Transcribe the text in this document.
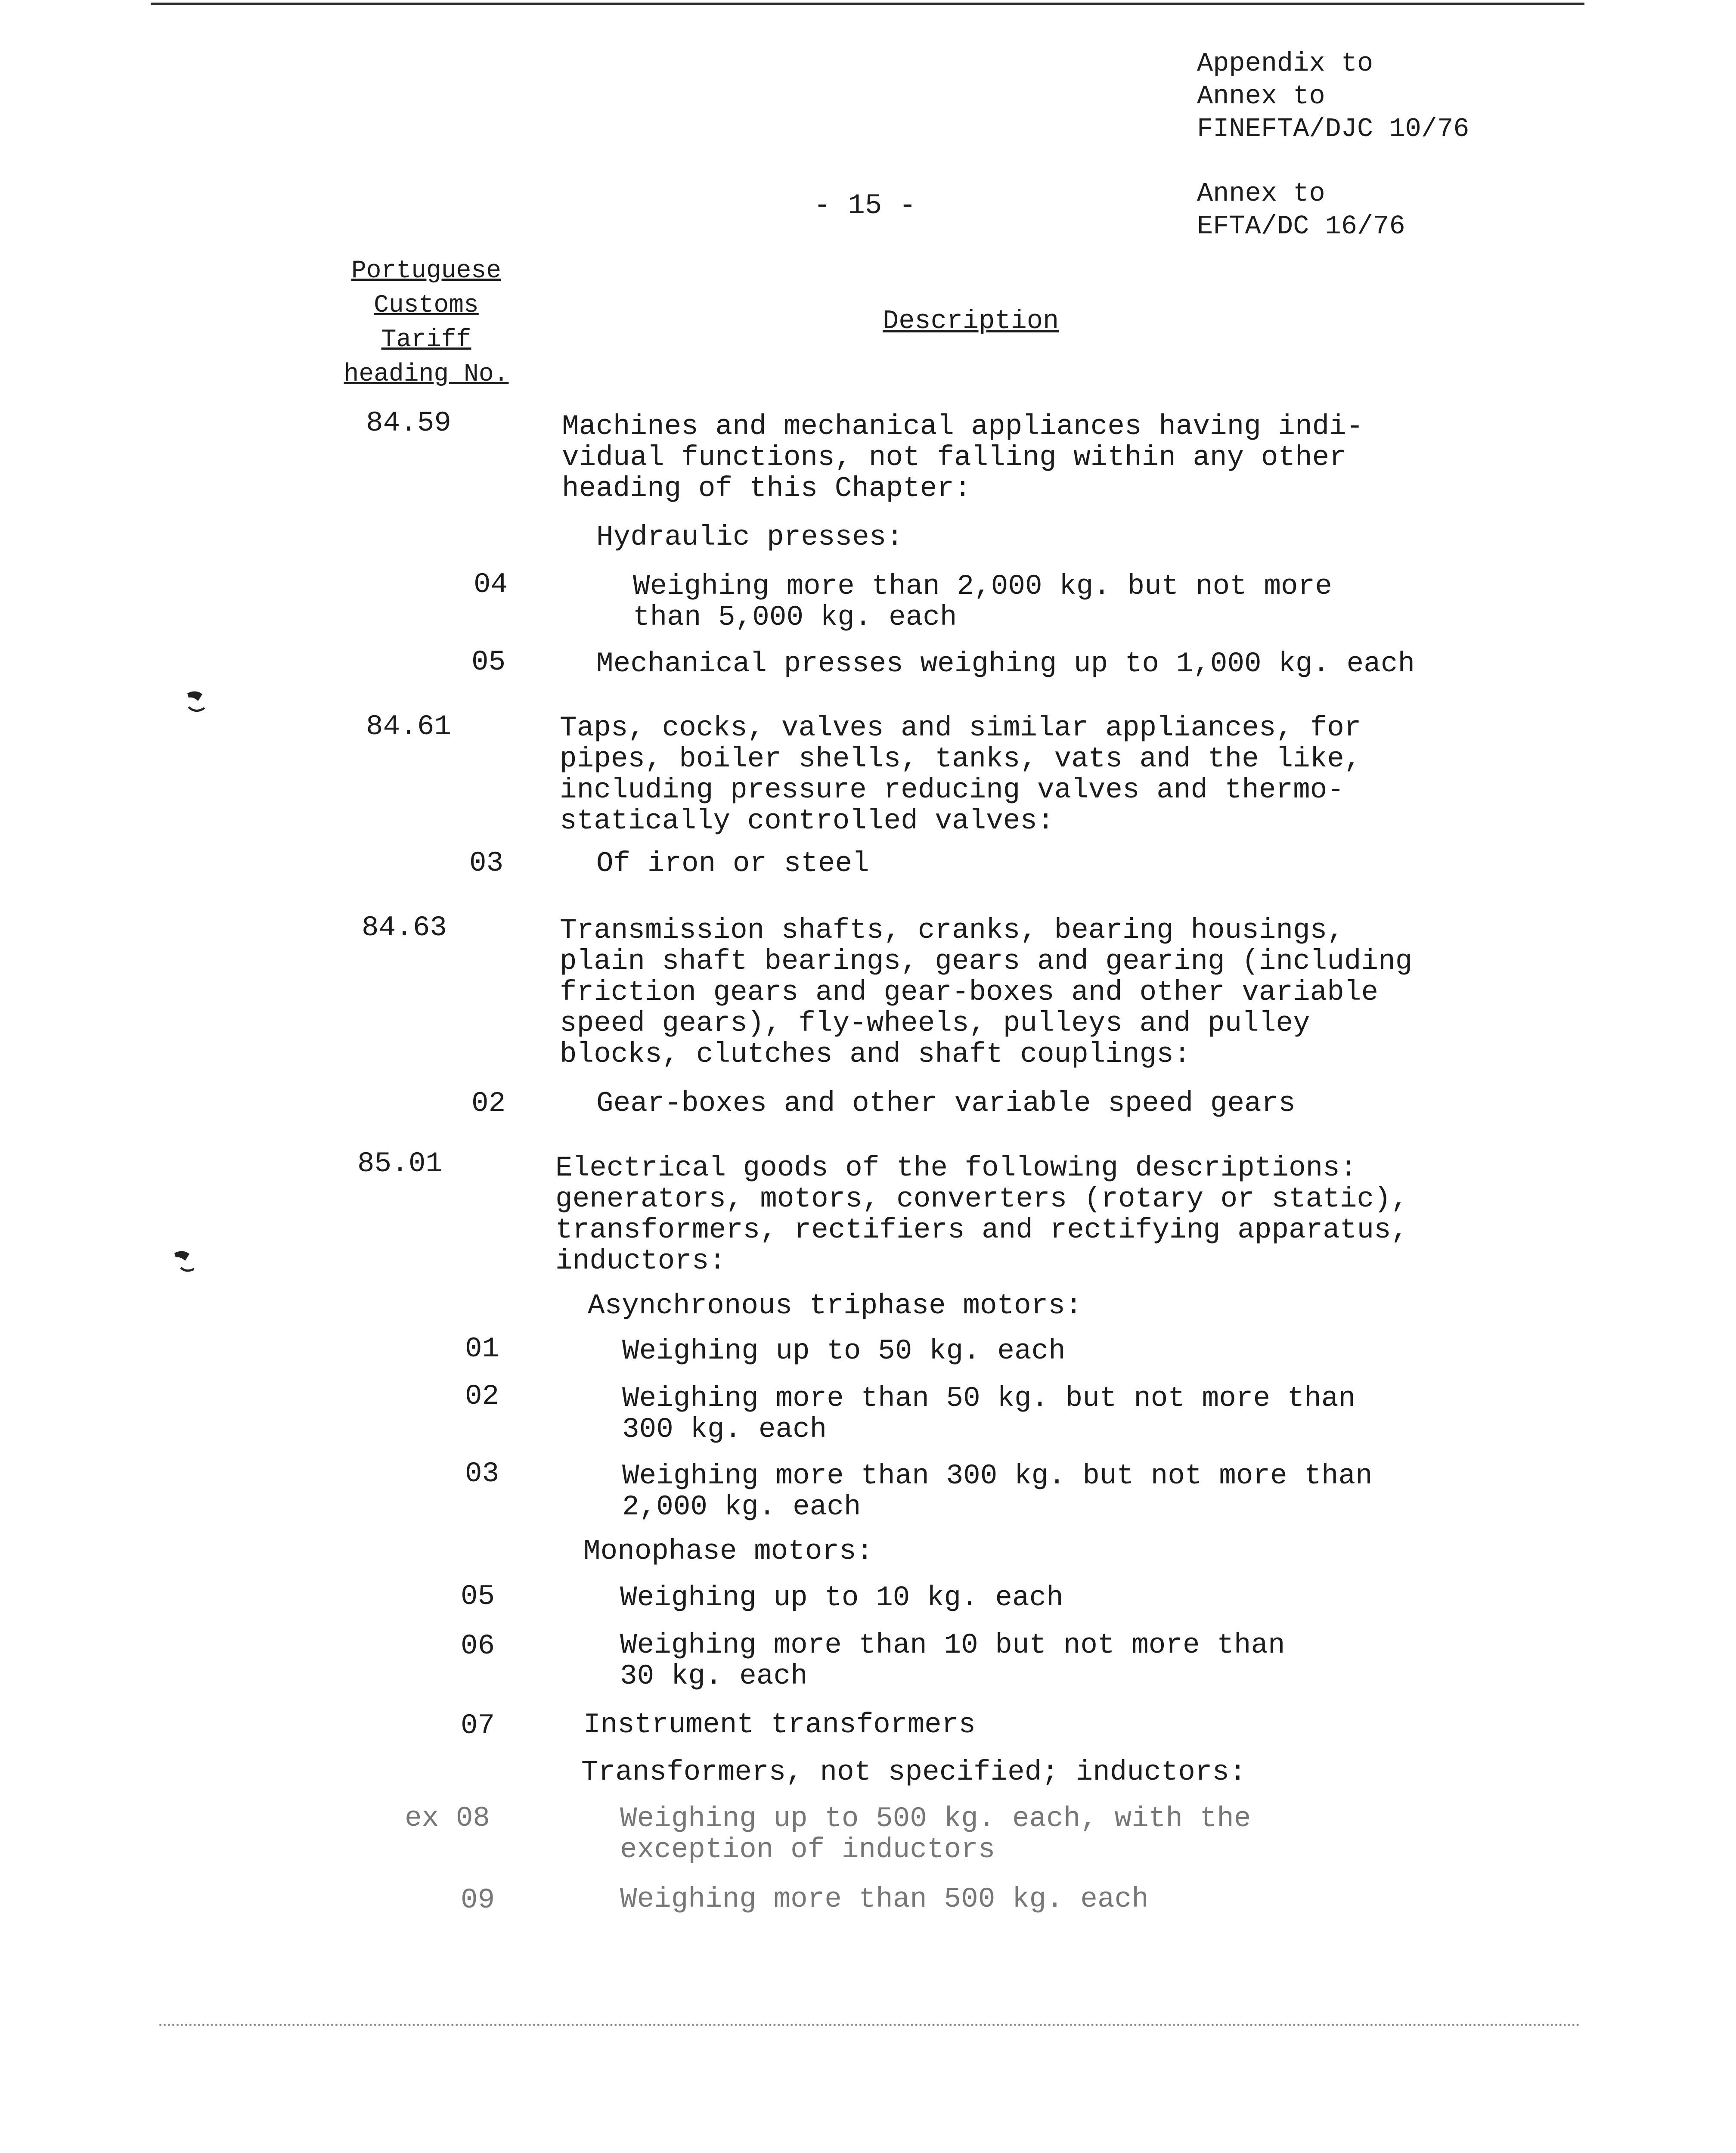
Appendix to
Annex to
FINEFTA/DJC 10/76
- 15 -	Annex to
EFTA/DC 16/76
Portuguese
Customs
Tariff
heading No.
Description
84.59	Machines and mechanical appliances having indi-
vidual functions, not falling within any other
heading of this Chapter:
Hydraulic presses:
04	Weighing more than 2,000 kg. but not more
than 5,000 kg. each
05	Mechanical presses weighing up to 1,000 kg. each
84.61	Taps, cocks, valves and similar appliances, for
pipes, boiler shells, tanks, vats and the like,
including pressure reducing valves and thermo-
statically controlled valves:
03	Of iron or steel
84.63	Transmission shafts, cranks, bearing housings,
plain shaft bearings, gears and gearing (including
friction gears and gear-boxes and other variable
speed gears), fly-wheels, pulleys and pulley
blocks, clutches and shaft couplings:
02	Gear-boxes and other variable speed gears
85.01	Electrical goods of the following descriptions:
generators, motors, converters (rotary or static),
transformers, rectifiers and rectifying apparatus,
inductors:
Asynchronous triphase motors:
01	Weighing up to 50 kg. each
02	Weighing more than 50 kg. but not more than
300 kg. each
03	Weighing more than 300 kg. but not more than
2,000 kg. each
Monophase motors:
05	Weighing up to 10 kg. each
06	Weighing more than 10 but not more than
30 kg. each
07	Instrument transformers
Transformers, not specified; inductors:
ex 08	Weighing up to 500 kg. each, with the
exception of inductors
09	Weighing more than 500 kg. each
